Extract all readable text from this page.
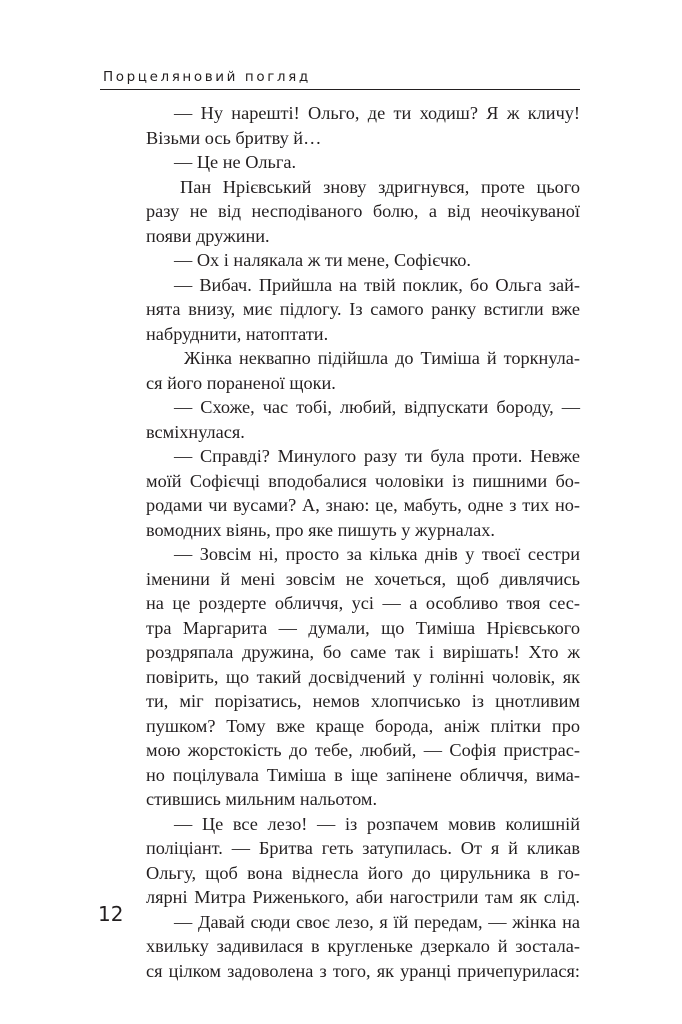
Порцеляновий погляд
— Ну нарешті! Ольго, де ти ходиш? Я ж кличу!
Візьми ось бритву й…
— Це не Ольга.
Пан Нрієвський знову здригнувся, проте цього
разу не від несподіваного болю, а від неочікуваної
появи дружини.
— Ох і налякала ж ти мене, Софієчко.
— Вибач. Прийшла на твій поклик, бо Ольга зай-
нята внизу, миє підлогу. Із самого ранку встигли вже
набруднити, натоптати.
Жінка неквапно підійшла до Тиміша й торкнула-
ся його пораненої щоки.
— Схоже, час тобі, любий, відпускати бороду, —
всміхнулася.
— Справді? Минулого разу ти була проти. Невже
моїй Софієчці вподобалися чоловіки із пишними бо-
родами чи вусами? А, знаю: це, мабуть, одне з тих но-
вомодних віянь, про яке пишуть у журналах.
— Зовсім ні, просто за кілька днів у твоєї сестри
іменини й мені зовсім не хочеться, щоб дивлячись
на це роздерте обличчя, усі — а особливо твоя сес-
тра Маргарита — думали, що Тиміша Нрієвського
роздряпала дружина, бо саме так і вирішать! Хто ж
повірить, що такий досвідчений у голінні чоловік, як
ти, міг порізатись, немов хлопчисько із цнотливим
пушком? Тому вже краще борода, аніж плітки про
мою жорстокість до тебе, любий, — Софія пристрас-
но поцілувала Тиміша в іще запінене обличчя, вима-
стившись мильним нальотом.
— Це все лезо! — із розпачем мовив колишній
поліціант. — Бритва геть затупилась. От я й кликав
Ольгу, щоб вона віднесла його до цирульника в го-
лярні Митра Риженького, аби нагострили там як слід.
— Давай сюди своє лезо, я їй передам, — жінка на
хвильку задивилася в кругленьке дзеркало й зостала-
ся цілком задоволена з того, як уранці причепурилася:
12
